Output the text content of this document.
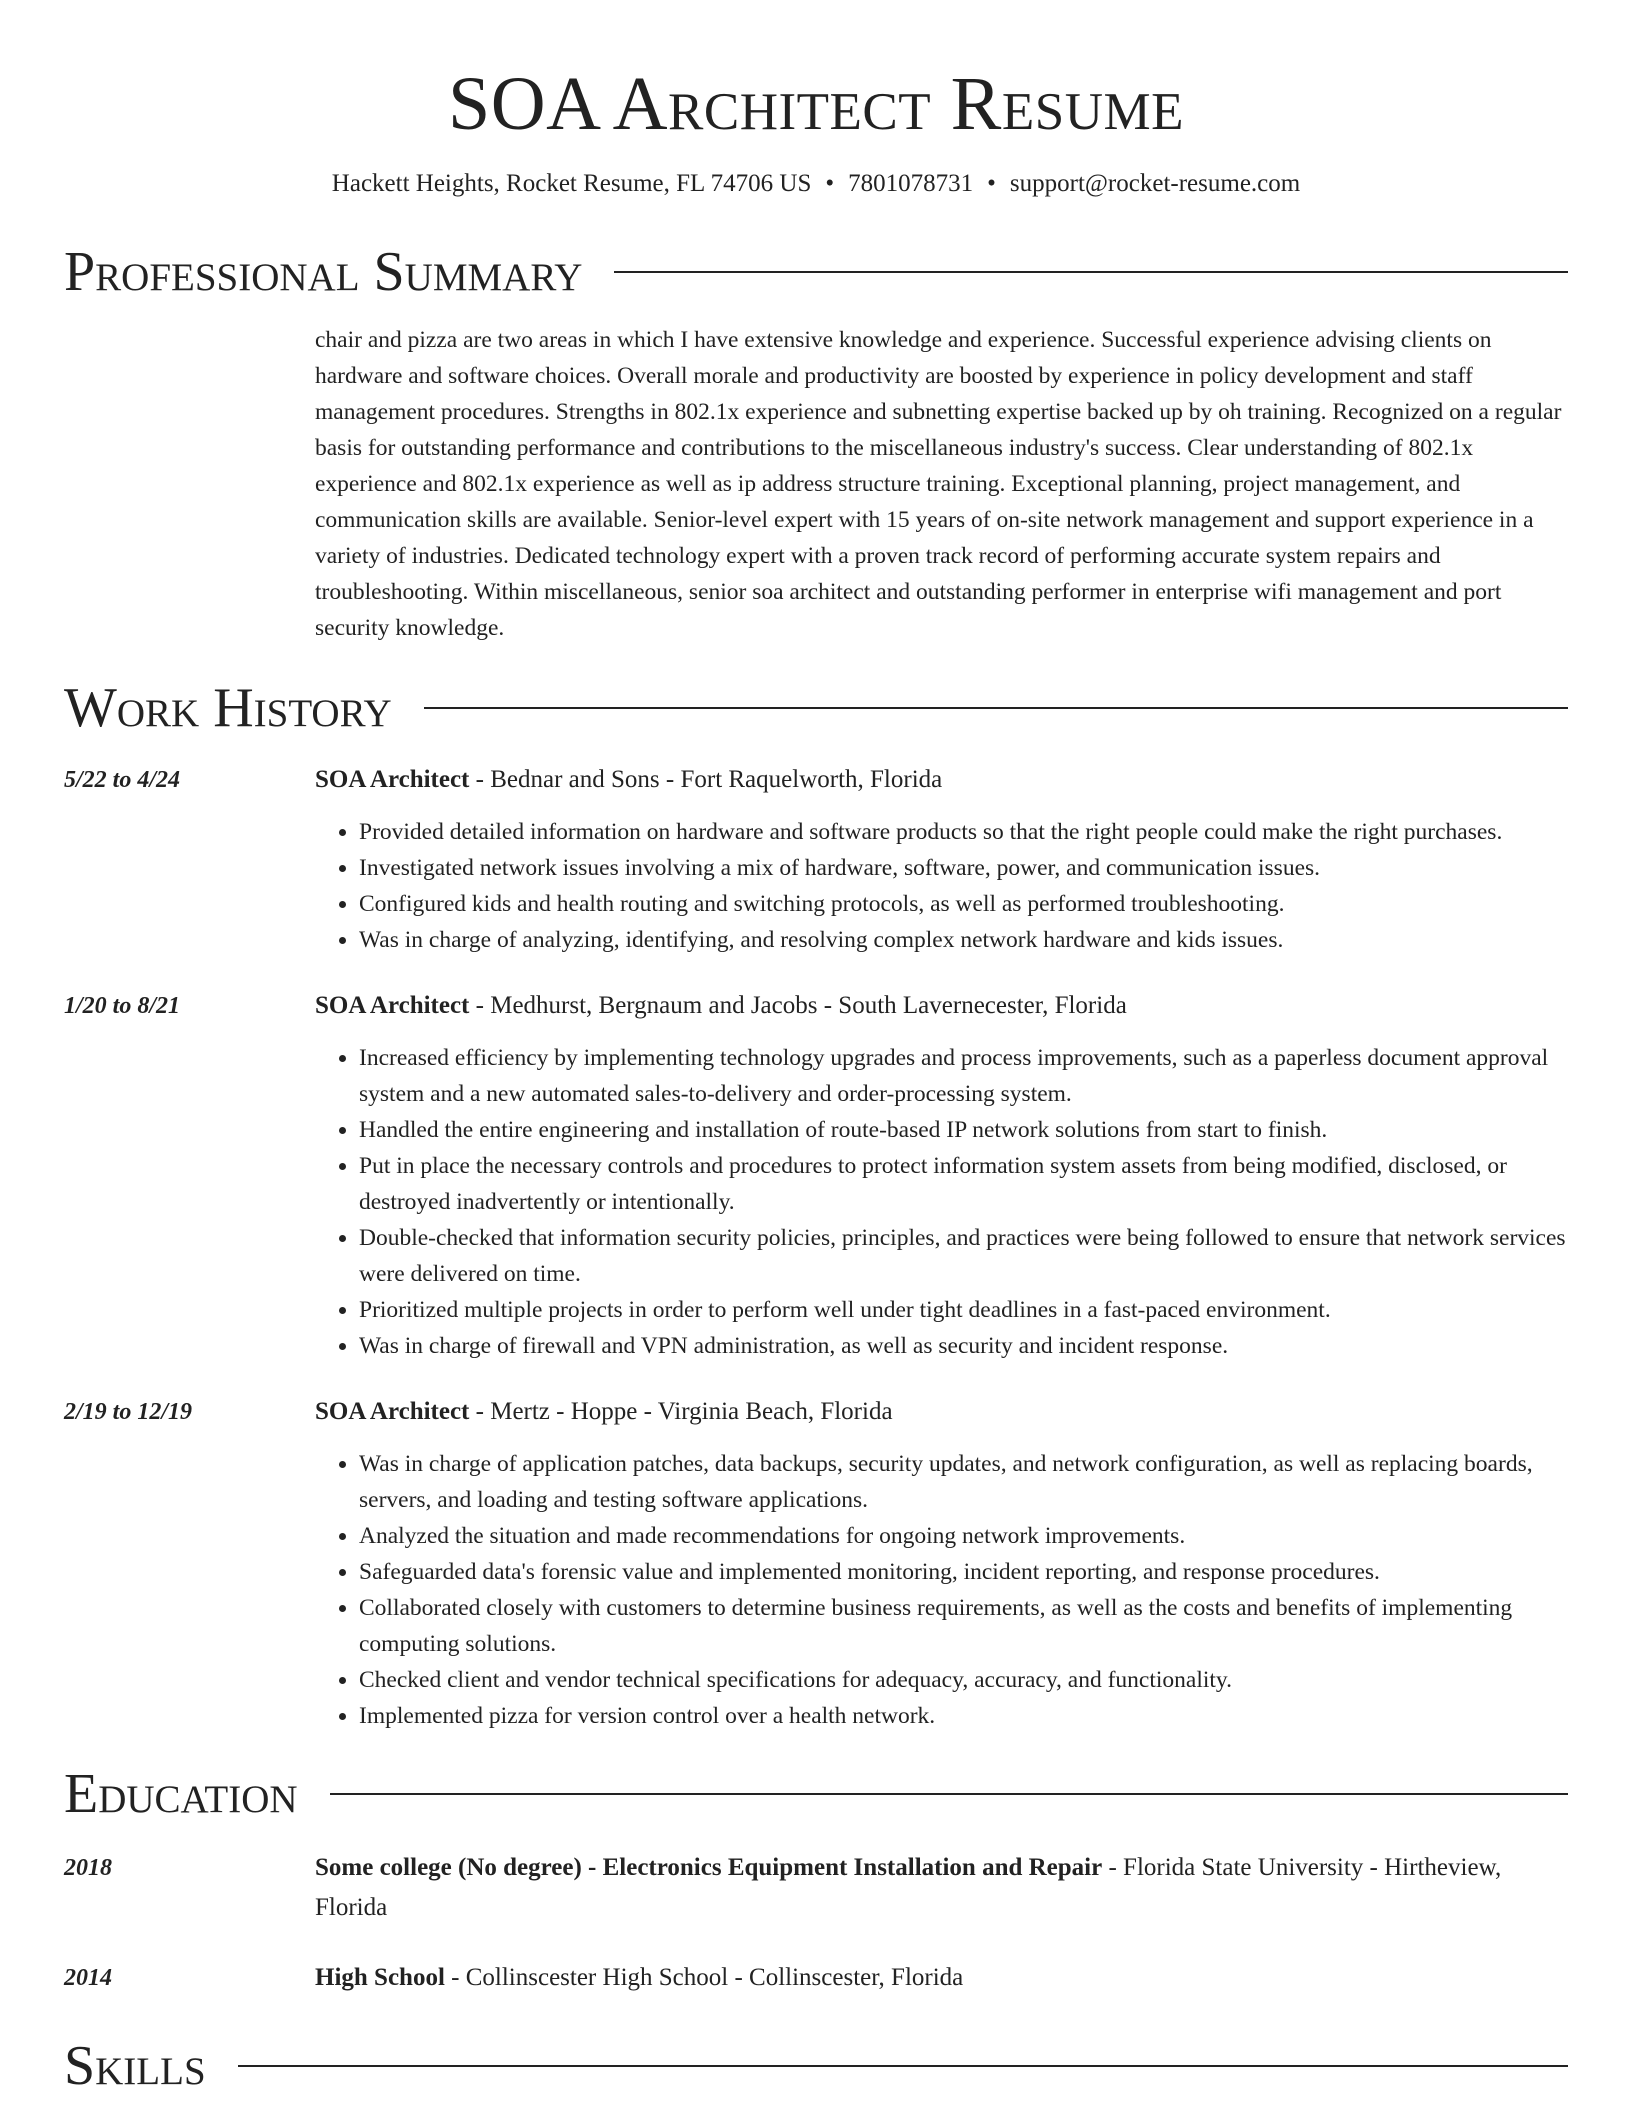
SOA Architect Resume
Hackett Heights, Rocket Resume, FL 74706 US • 7801078731 • support@rocket-resume.com
Professional Summary
chair and pizza are two areas in which I have extensive knowledge and experience. Successful experience advising clients on hardware and software choices. Overall morale and productivity are boosted by experience in policy development and staff management procedures. Strengths in 802.1x experience and subnetting expertise backed up by oh training. Recognized on a regular basis for outstanding performance and contributions to the miscellaneous industry's success. Clear understanding of 802.1x experience and 802.1x experience as well as ip address structure training. Exceptional planning, project management, and communication skills are available. Senior-level expert with 15 years of on-site network management and support experience in a variety of industries. Dedicated technology expert with a proven track record of performing accurate system repairs and troubleshooting. Within miscellaneous, senior soa architect and outstanding performer in enterprise wifi management and port security knowledge.
Work History
5/22 to 4/24	SOA Architect - Bednar and Sons - Fort Raquelworth, Florida
• Provided detailed information on hardware and software products so that the right people could make the right purchases.
• Investigated network issues involving a mix of hardware, software, power, and communication issues.
• Configured kids and health routing and switching protocols, as well as performed troubleshooting.
• Was in charge of analyzing, identifying, and resolving complex network hardware and kids issues.
1/20 to 8/21	SOA Architect - Medhurst, Bergnaum and Jacobs - South Lavernecester, Florida
• Increased efficiency by implementing technology upgrades and process improvements, such as a paperless document approval system and a new automated sales-to-delivery and order-processing system.
• Handled the entire engineering and installation of route-based IP network solutions from start to finish.
• Put in place the necessary controls and procedures to protect information system assets from being modified, disclosed, or destroyed inadvertently or intentionally.
• Double-checked that information security policies, principles, and practices were being followed to ensure that network services were delivered on time.
• Prioritized multiple projects in order to perform well under tight deadlines in a fast-paced environment.
• Was in charge of firewall and VPN administration, as well as security and incident response.
2/19 to 12/19	SOA Architect - Mertz - Hoppe - Virginia Beach, Florida
• Was in charge of application patches, data backups, security updates, and network configuration, as well as replacing boards, servers, and loading and testing software applications.
• Analyzed the situation and made recommendations for ongoing network improvements.
• Safeguarded data's forensic value and implemented monitoring, incident reporting, and response procedures.
• Collaborated closely with customers to determine business requirements, as well as the costs and benefits of implementing computing solutions.
• Checked client and vendor technical specifications for adequacy, accuracy, and functionality.
• Implemented pizza for version control over a health network.
Education
2018	Some college (No degree) - Electronics Equipment Installation and Repair - Florida State University - Hirtheview, Florida
2014	High School - Collinscester High School - Collinscester, Florida
Skills
